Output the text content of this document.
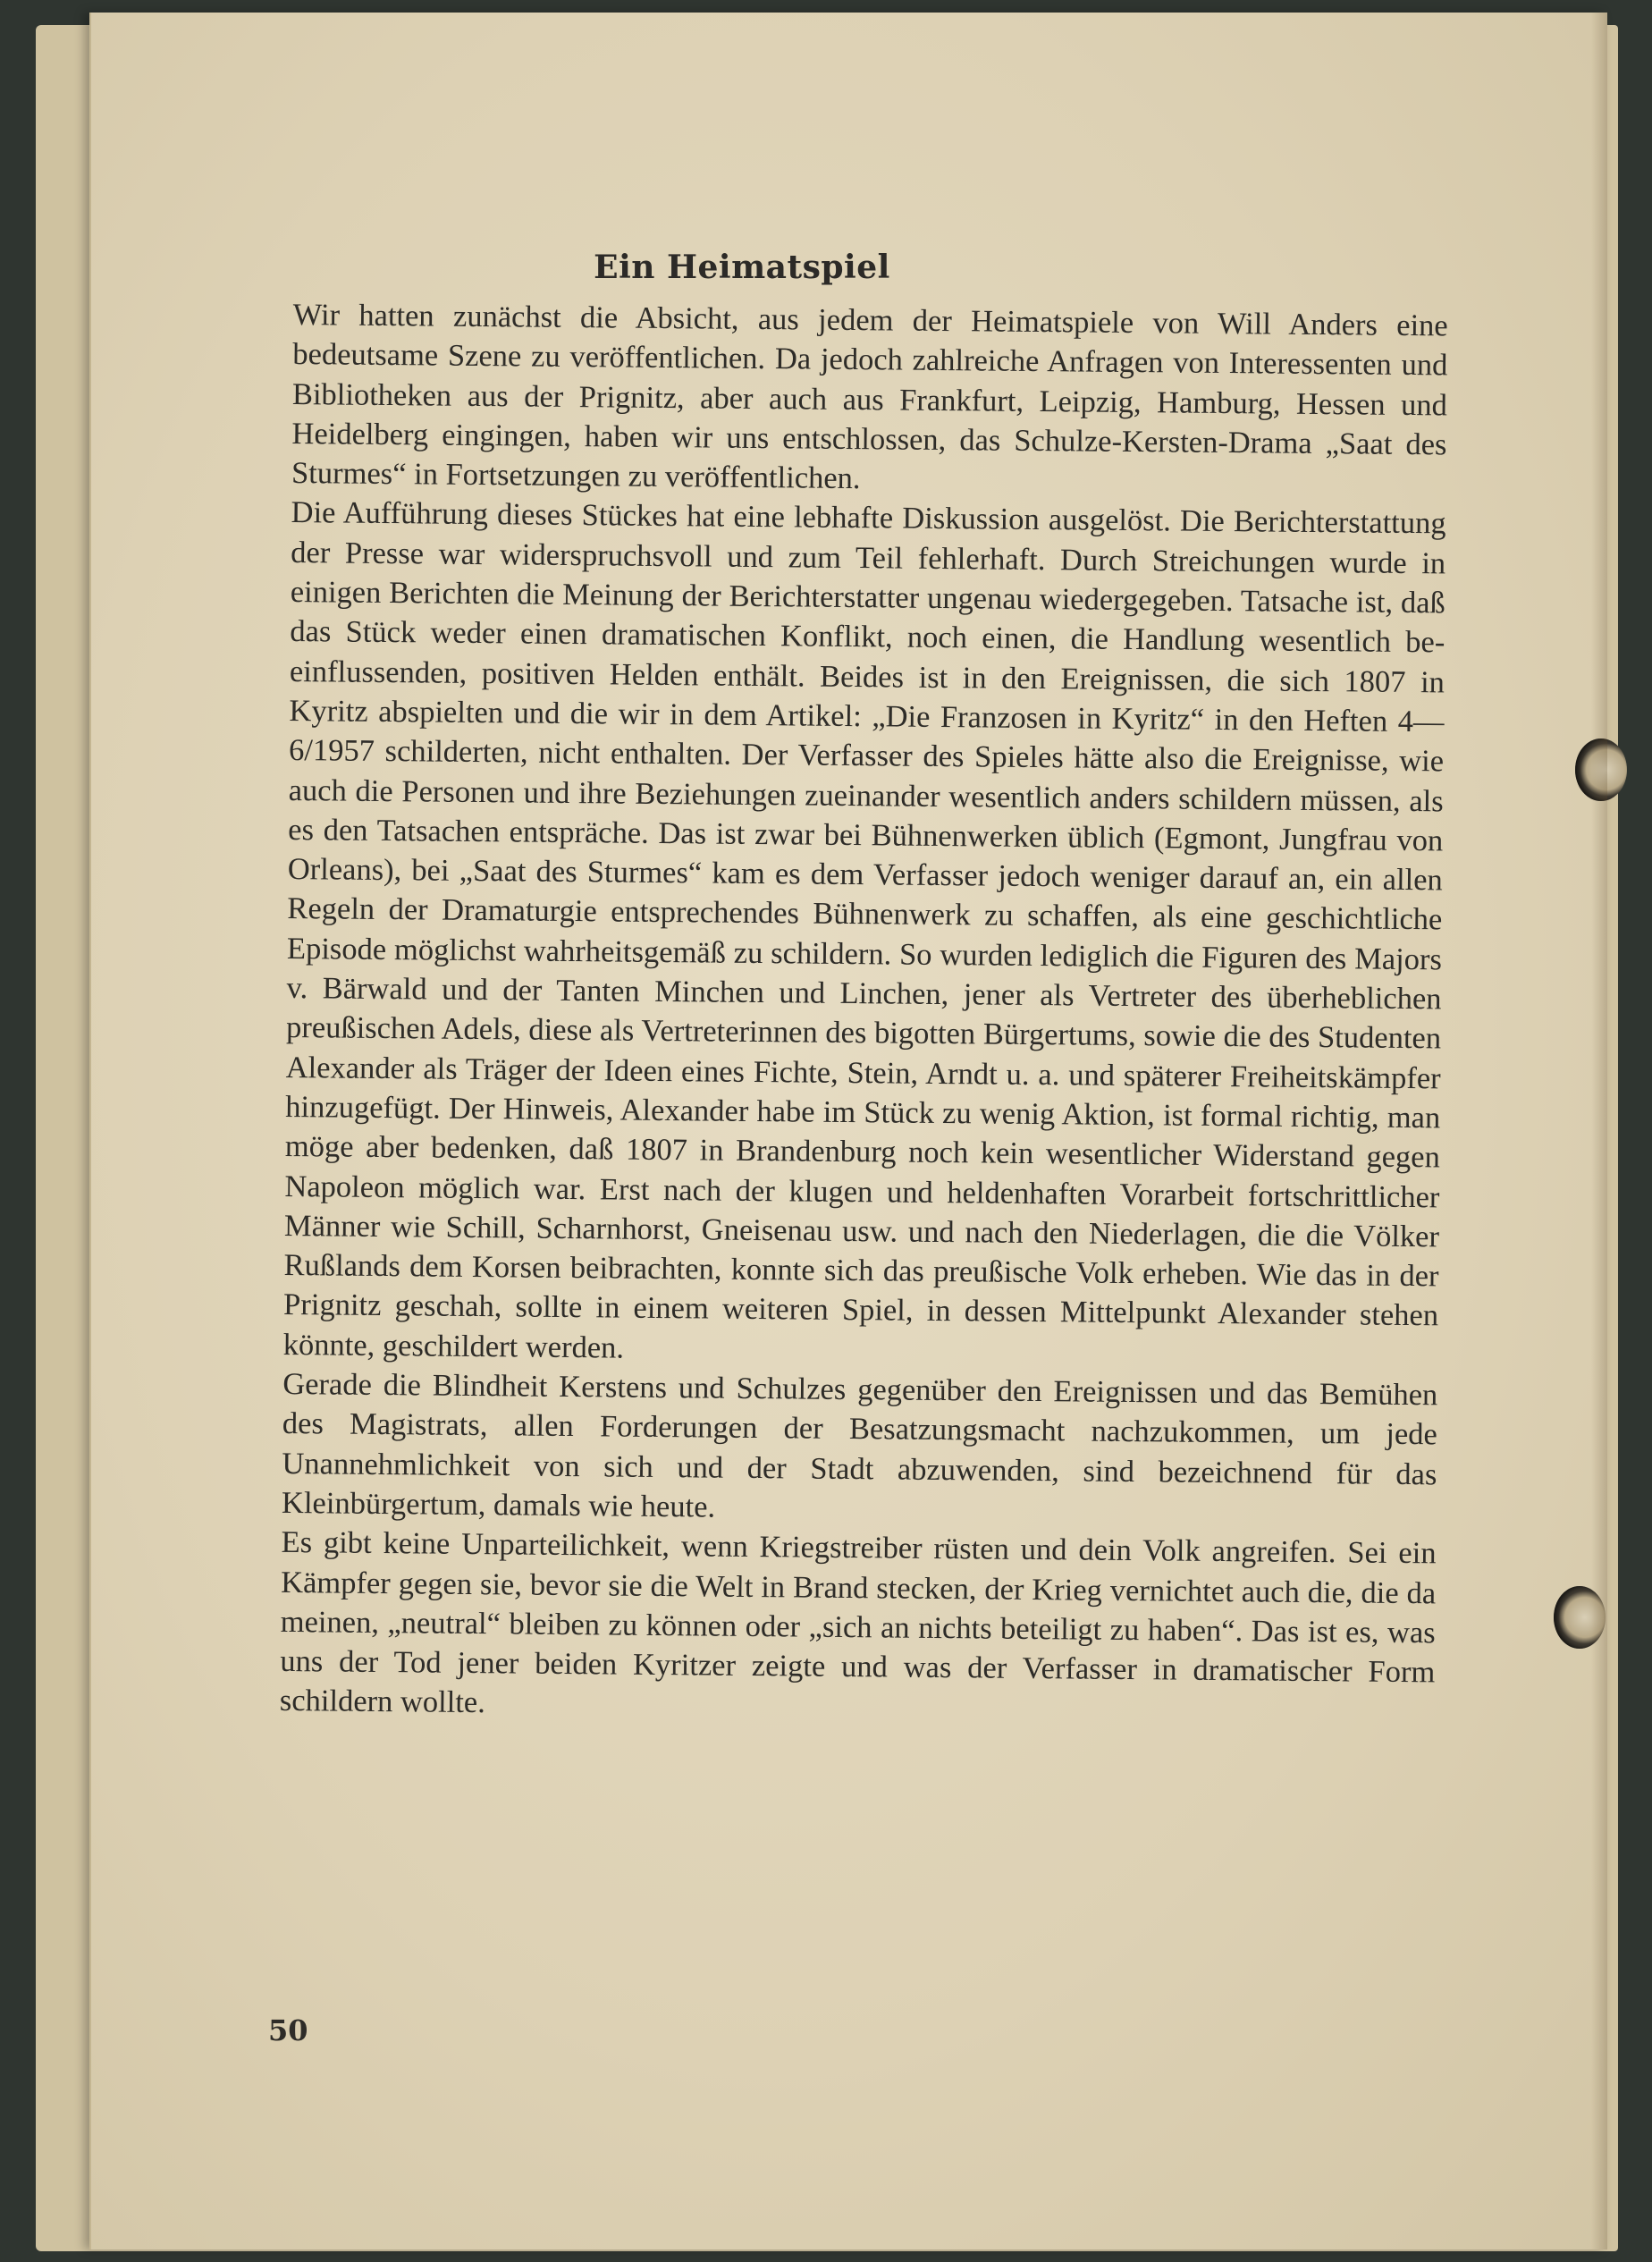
Ein Heimatspiel

Wir hatten zunächst die Absicht, aus jedem der Heimatspiele von Will Anders eine bedeutsame Szene zu veröffentlichen. Da jedoch zahlreiche Anfragen von Interessenten und Bibliotheken aus der Prignitz, aber auch aus Frankfurt, Leipzig, Hamburg, Hessen und Heidelberg eingingen, haben wir uns entschlossen, das Schulze-Kersten-Drama „Saat des Sturmes“ in Fortsetzungen zu veröffentlichen.

Die Aufführung dieses Stückes hat eine lebhafte Diskussion ausgelöst. Die Berichterstattung der Presse war widerspruchsvoll und zum Teil fehlerhaft. Durch Streichungen wurde in einigen Berichten die Meinung der Berichterstatter ungenau wiedergegeben. Tatsache ist, daß das Stück weder einen dramatischen Konflikt, noch einen, die Handlung wesentlich beeinflussenden, positiven Helden enthält. Beides ist in den Ereignissen, die sich 1807 in Kyritz abspielten und die wir in dem Artikel: „Die Franzosen in Kyritz“ in den Heften 4—6/1957 schilderten, nicht enthalten. Der Verfasser des Spieles hätte also die Ereignisse, wie auch die Personen und ihre Beziehungen zueinander wesentlich anders schildern müssen, als es den Tatsachen entspräche. Das ist zwar bei Bühnenwerken üblich (Egmont, Jungfrau von Orleans), bei „Saat des Sturmes“ kam es dem Verfasser jedoch weniger darauf an, ein allen Regeln der Dramaturgie entsprechendes Bühnenwerk zu schaffen, als eine geschichtliche Episode möglichst wahrheitsgemäß zu schildern. So wurden lediglich die Figuren des Majors v. Bärwald und der Tanten Minchen und Linchen, jener als Vertreter des überheblichen preußischen Adels, diese als Vertreterinnen des bigotten Bürgertums, sowie die des Studenten Alexander als Träger der Ideen eines Fichte, Stein, Arndt u. a. und späterer Freiheitskämpfer hinzugefügt. Der Hinweis, Alexander habe im Stück zu wenig Aktion, ist formal richtig, man möge aber bedenken, daß 1807 in Brandenburg noch kein wesentlicher Widerstand gegen Napoleon möglich war. Erst nach der klugen und heldenhaften Vorarbeit fortschrittlicher Männer wie Schill, Scharnhorst, Gneisenau usw. und nach den Niederlagen, die die Völker Rußlands dem Korsen beibrachten, konnte sich das preußische Volk erheben. Wie das in der Prignitz geschah, sollte in einem weiteren Spiel, in dessen Mittelpunkt Alexander stehen könnte, geschildert werden.

Gerade die Blindheit Kerstens und Schulzes gegenüber den Ereignissen und das Bemühen des Magistrats, allen Forderungen der Besatzungsmacht nachzukommen, um jede Unannehmlichkeit von sich und der Stadt abzuwenden, sind bezeichnend für das Kleinbürgertum, damals wie heute.

Es gibt keine Unparteilichkeit, wenn Kriegstreiber rüsten und dein Volk angreifen. Sei ein Kämpfer gegen sie, bevor sie die Welt in Brand stecken, der Krieg vernichtet auch die, die da meinen, „neutral“ bleiben zu können oder „sich an nichts beteiligt zu haben“. Das ist es, was uns der Tod jener beiden Kyritzer zeigte und was der Verfasser in dramatischer Form schildern wollte.

50
